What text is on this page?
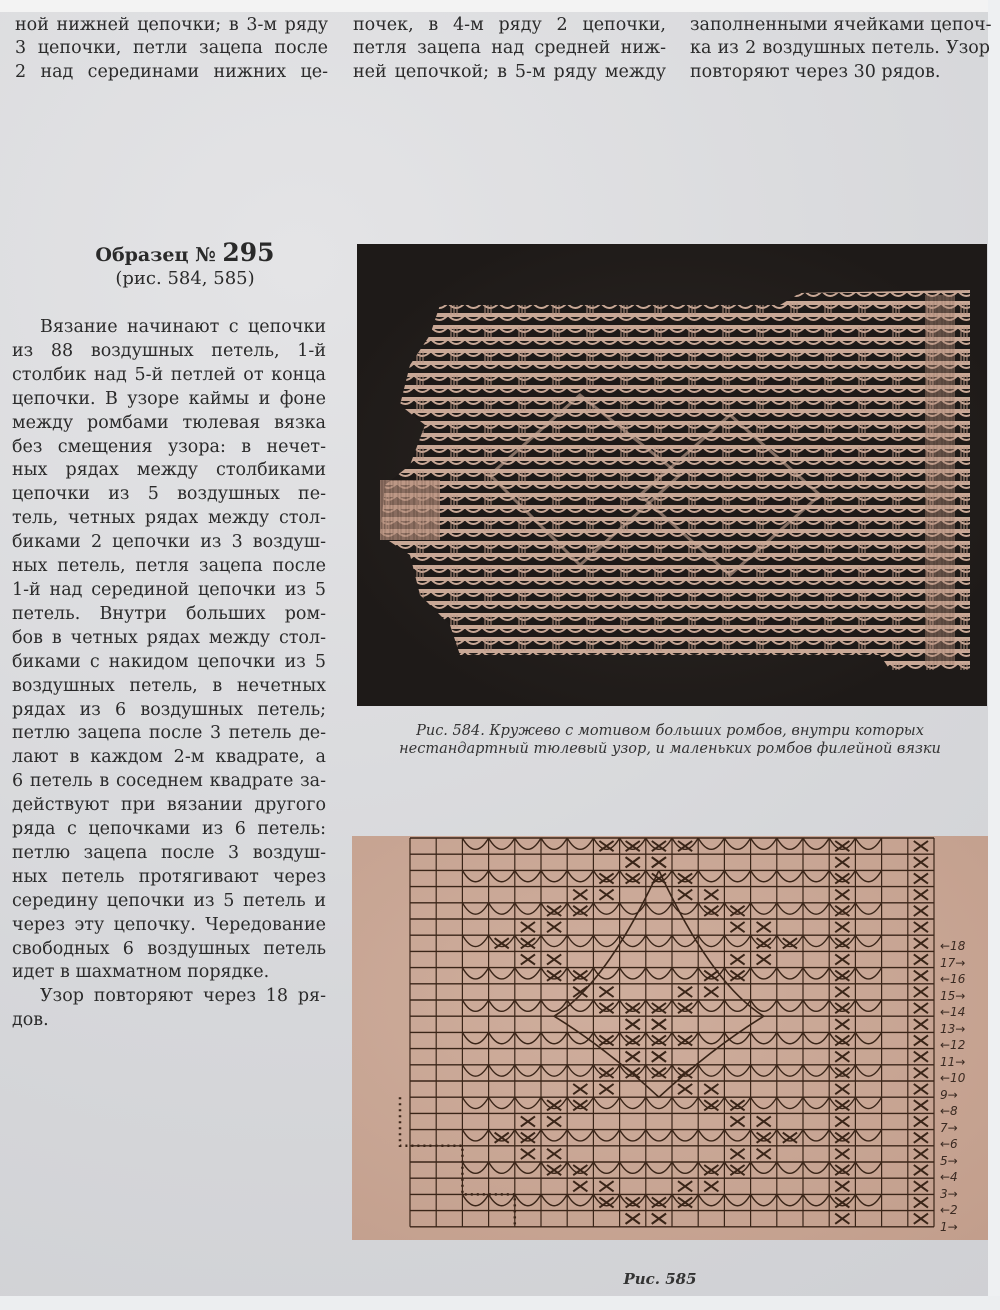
ной нижней цепочки; в 3-м ряду
3 цепочки, петли зацепа после
2 над серединами нижних це-
почек, в 4-м ряду 2 цепочки,
петля зацепа над средней ниж-
ней цепочкой; в 5-м ряду между
заполненными ячейками цепоч-
ка из 2 воздушных петель. Узор
повторяют через 30 рядов.
Образец № 295
(рис. 584, 585)
Вязание начинают с цепочки
из 88 воздушных петель, 1-й
столбик над 5-й петлей от конца
цепочки. В узоре каймы и фоне
между ромбами тюлевая вязка
без смещения узора: в нечет-
ных рядах между столбиками
цепочки из 5 воздушных пе-
тель, четных рядах между стол-
биками 2 цепочки из 3 воздуш-
ных петель, петля зацепа после
1-й над серединой цепочки из 5
петель. Внутри больших ром-
бов в четных рядах между стол-
биками с накидом цепочки из 5
воздушных петель, в нечетных
рядах из 6 воздушных петель;
петлю зацепа после 3 петель де-
лают в каждом 2-м квадрате, а
6 петель в соседнем квадрате за-
действуют при вязании другого
ряда с цепочками из 6 петель:
петлю зацепа после 3 воздуш-
ных петель протягивают через
середину цепочки из 5 петель и
через эту цепочку. Чередование
свободных 6 воздушных петель
идет в шахматном порядке.
Узор повторяют через 18 ря-
дов.
Рис. 584. Кружево с мотивом больших ромбов, внутри которых
нестандартный тюлевый узор, и маленьких ромбов филейной вязки
←18
17→
←16
15→
←14
13→
←12
11→
←10
9→
←8
7→
←6
5→
←4
3→
←2
1→
Рис. 585
